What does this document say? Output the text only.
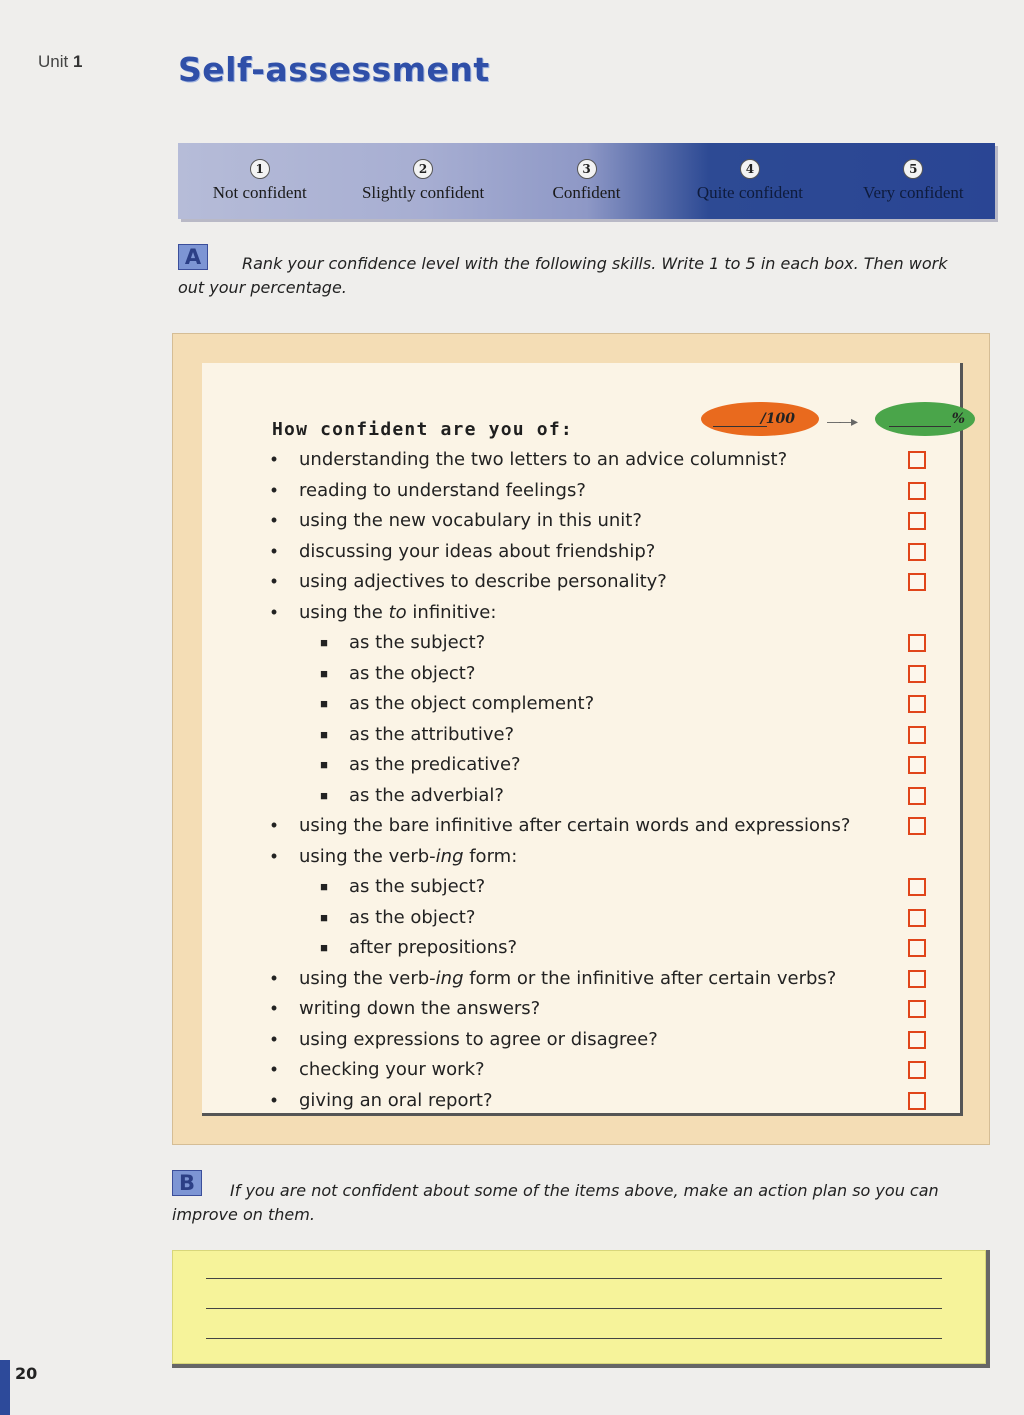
Unit 1	Self-assessment
1
Not confident
2
Slightly confident
3
Confident
4
Quite confident
5
Very confident
A	Rank your confidence level with the following skills. Write 1 to 5 in each box. Then work out your percentage.

/100	——▸	%
How confident are you of:
• understanding the two letters to an advice columnist?
• reading to understand feelings?
• using the new vocabulary in this unit?
• discussing your ideas about friendship?
• using adjectives to describe personality?
• using the to infinitive:
■ as the subject?
■ as the object?
■ as the object complement?
■ as the attributive?
■ as the predicative?
■ as the adverbial?
• using the bare infinitive after certain words and expressions?
• using the verb-ing form:
■ as the subject?
■ as the object?
■ after prepositions?
• using the verb-ing form or the infinitive after certain verbs?
• writing down the answers?
• using expressions to agree or disagree?
• checking your work?
• giving an oral report?
B	If you are not confident about some of the items above, make an action plan so you can improve on them.

20
